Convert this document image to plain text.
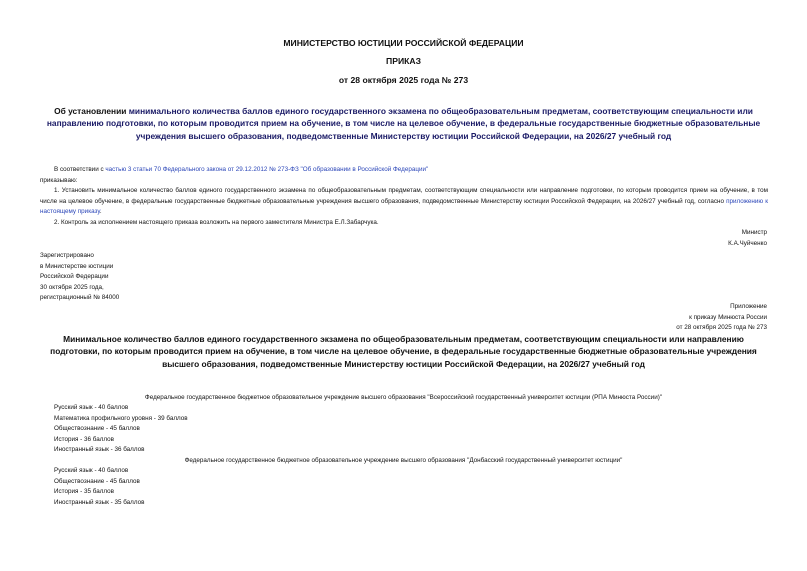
МИНИСТЕРСТВО ЮСТИЦИИ РОССИЙСКОЙ ФЕДЕРАЦИИ
ПРИКАЗ
от 28 октября 2025 года № 273
Об установлении минимального количества баллов единого государственного экзамена по общеобразовательным предметам, соответствующим специальности или направлению подготовки, по которым проводится прием на обучение, в том числе на целевое обучение, в федеральные государственные бюджетные образовательные учреждения высшего образования, подведомственные Министерству юстиции Российской Федерации, на 2026/27 учебный год
В соответствии с частью 3 статьи 70 Федерального закона от 29.12.2012 № 273-ФЗ "Об образовании в Российской Федерации"
приказываю:
1. Установить минимальное количество баллов единого государственного экзамена по общеобразовательным предметам, соответствующим специальности или направление подготовки, по которым проводится прием на обучение, в том числе на целевое обучение, в федеральные государственные бюджетные образовательные учреждения высшего образования, подведомственные Министерству юстиции Российской Федерации, на 2026/27 учебный год, согласно приложению к настоящему приказу.
2. Контроль за исполнением настоящего приказа возложить на первого заместителя Министра Е.Л.Забарчука.
Министр
К.А.Чуйченко
Зарегистрировано
в Министерстве юстиции
Российской Федерации
30 октября 2025 года,
регистрационный № 84000
Приложение
к приказу Минюста России
от 28 октября 2025 года № 273
Минимальное количество баллов единого государственного экзамена по общеобразовательным предметам, соответствующим специальности или направлению подготовки, по которым проводится прием на обучение, в том числе на целевое обучение, в федеральные государственные бюджетные образовательные учреждения высшего образования, подведомственные Министерству юстиции Российской Федерации, на 2026/27 учебный год
Федеральное государственное бюджетное образовательное учреждение высшего образования "Всероссийский государственный университет юстиции (РПА Минюста России)"
Русский язык - 40 баллов
Математика профильного уровня - 39 баллов
Обществознание - 45 баллов
История - 36 баллов
Иностранный язык - 36 баллов
Федеральное государственное бюджетное образовательное учреждение высшего образования "Донбасский государственный университет юстиции"
Русский язык - 40 баллов
Обществознание - 45 баллов
История - 35 баллов
Иностранный язык - 35 баллов
